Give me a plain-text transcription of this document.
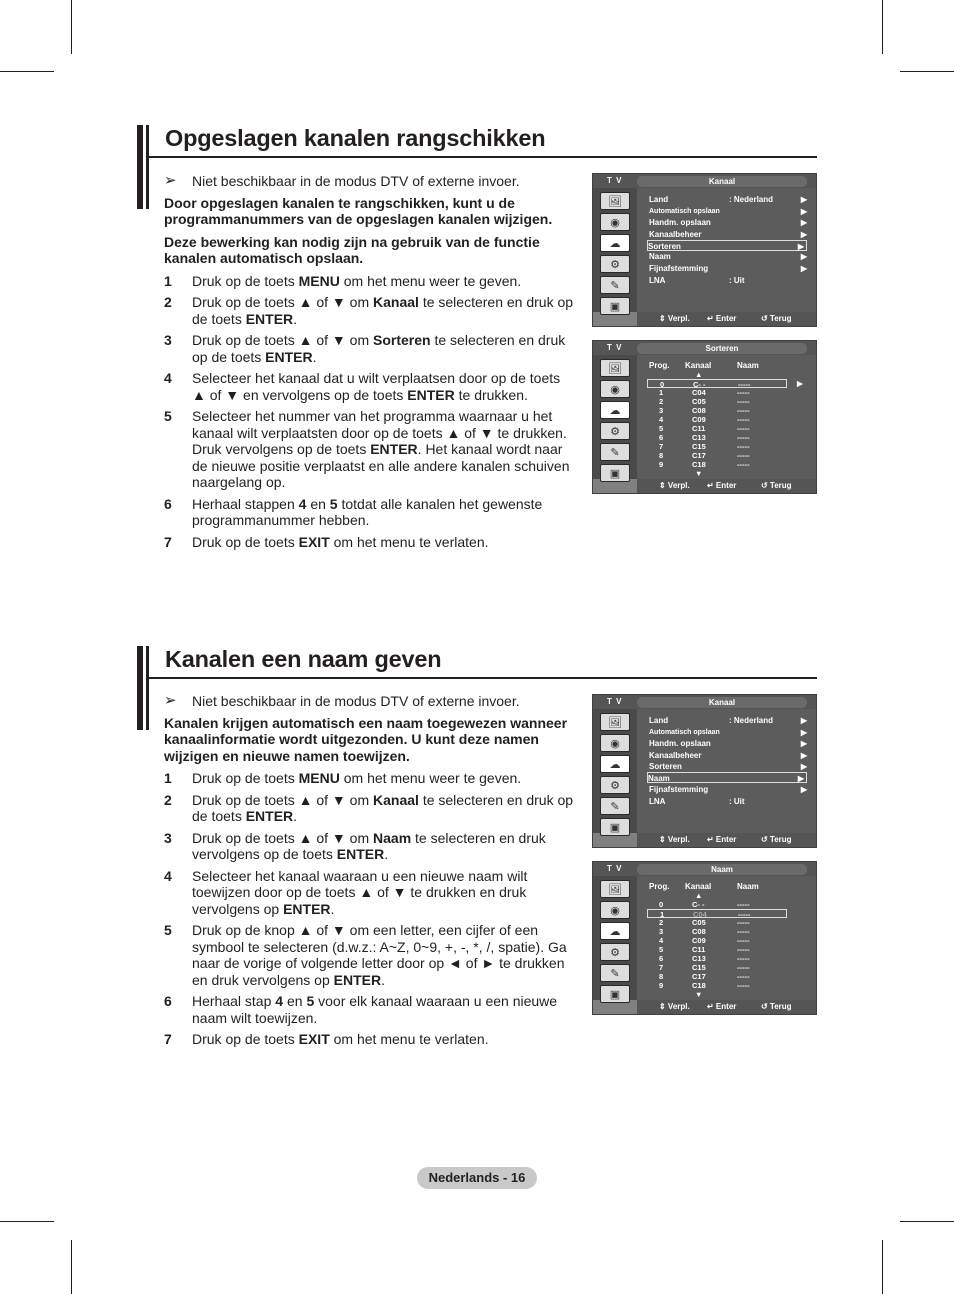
Opgeslagen kanalen rangschikken
➢	Niet beschikbaar in de modus DTV of externe invoer.
Door opgeslagen kanalen te rangschikken, kunt u de programmanummers van de opgeslagen kanalen wijzigen.
Deze bewerking kan nodig zijn na gebruik van de functie kanalen automatisch opslaan.
1	Druk op de toets MENU om het menu weer te geven.
2	Druk op de toets ▲ of ▼ om Kanaal te selecteren en druk op de toets ENTER.
3	Druk op de toets ▲ of ▼ om Sorteren te selecteren en druk op de toets ENTER.
4	Selecteer het kanaal dat u wilt verplaatsen door op de toets ▲ of ▼ en vervolgens op de toets ENTER te drukken.
5	Selecteer het nummer van het programma waarnaar u het kanaal wilt verplaatsten door op de toets ▲ of ▼ te drukken. Druk vervolgens op de toets ENTER. Het kanaal wordt naar de nieuwe positie verplaatst en alle andere kanalen schuiven naargelang op.
6	Herhaal stappen 4 en 5 totdat alle kanalen het gewenste programmanummer hebben.
7	Druk op de toets EXIT om het menu te verlaten.
Kanalen een naam geven
➢	Niet beschikbaar in de modus DTV of externe invoer.
Kanalen krijgen automatisch een naam toegewezen wanneer kanaalinformatie wordt uitgezonden. U kunt deze namen wijzigen en nieuwe namen toewijzen.
1	Druk op de toets MENU om het menu weer te geven.
2	Druk op de toets ▲ of ▼ om Kanaal te selecteren en druk op de toets ENTER.
3	Druk op de toets ▲ of ▼ om Naam te selecteren en druk vervolgens op de toets ENTER.
4	Selecteer het kanaal waaraan u een nieuwe naam wilt toewijzen door op de toets ▲ of ▼ te drukken en druk vervolgens op ENTER.
5	Druk op de knop ▲ of ▼ om een letter, een cijfer of een symbool te selecteren (d.w.z.: A~Z, 0~9, +, -, *, /, spatie). Ga naar de vorige of volgende letter door op ◄ of ► te drukken en druk vervolgens op ENTER.
6	Herhaal stap 4 en 5 voor elk kanaal waaraan u een nieuwe naam wilt toewijzen.
7	Druk op de toets EXIT om het menu te verlaten.
T V	Kanaal
🖼
◉
☁
⚙
✎
▣
Land	: Nederland	▶
Automatisch opslaan	▶
Handm. opslaan	▶
Kanaalbeheer	▶
Sorteren	▶
Naam	▶
Fijnafstemming	▶
LNA	: Uit
⇕ Verpl. ↵ Enter	↺ Terug
T V	Sorteren
🖼
◉
☁
⚙
✎
▣
Prog. Kanaal	Naam
▲
0	C- -	-----
1	C04	-----
2	C05	-----
3	C08	-----
4	C09	-----
5	C11	-----
6	C13	-----
7	C15	-----
8	C17	-----
9	C18	-----
▼
▶
⇕ Verpl. ↵ Enter	↺ Terug
T V	Kanaal
🖼
◉
☁
⚙
✎
▣
Land	: Nederland	▶
Automatisch opslaan	▶
Handm. opslaan	▶
Kanaalbeheer	▶
Sorteren	▶
Naam	▶
Fijnafstemming	▶
LNA	: Uit
⇕ Verpl. ↵ Enter	↺ Terug
T V	Naam
🖼
◉
☁
⚙
✎
▣
Prog. Kanaal	Naam
▲
0	C- -	-----
1	C04	-----
2	C05	-----
3	C08	-----
4	C09	-----
5	C11	-----
6	C13	-----
7	C15	-----
8	C17	-----
9	C18	-----
▼
⇕ Verpl. ↵ Enter	↺ Terug
Nederlands - 16
